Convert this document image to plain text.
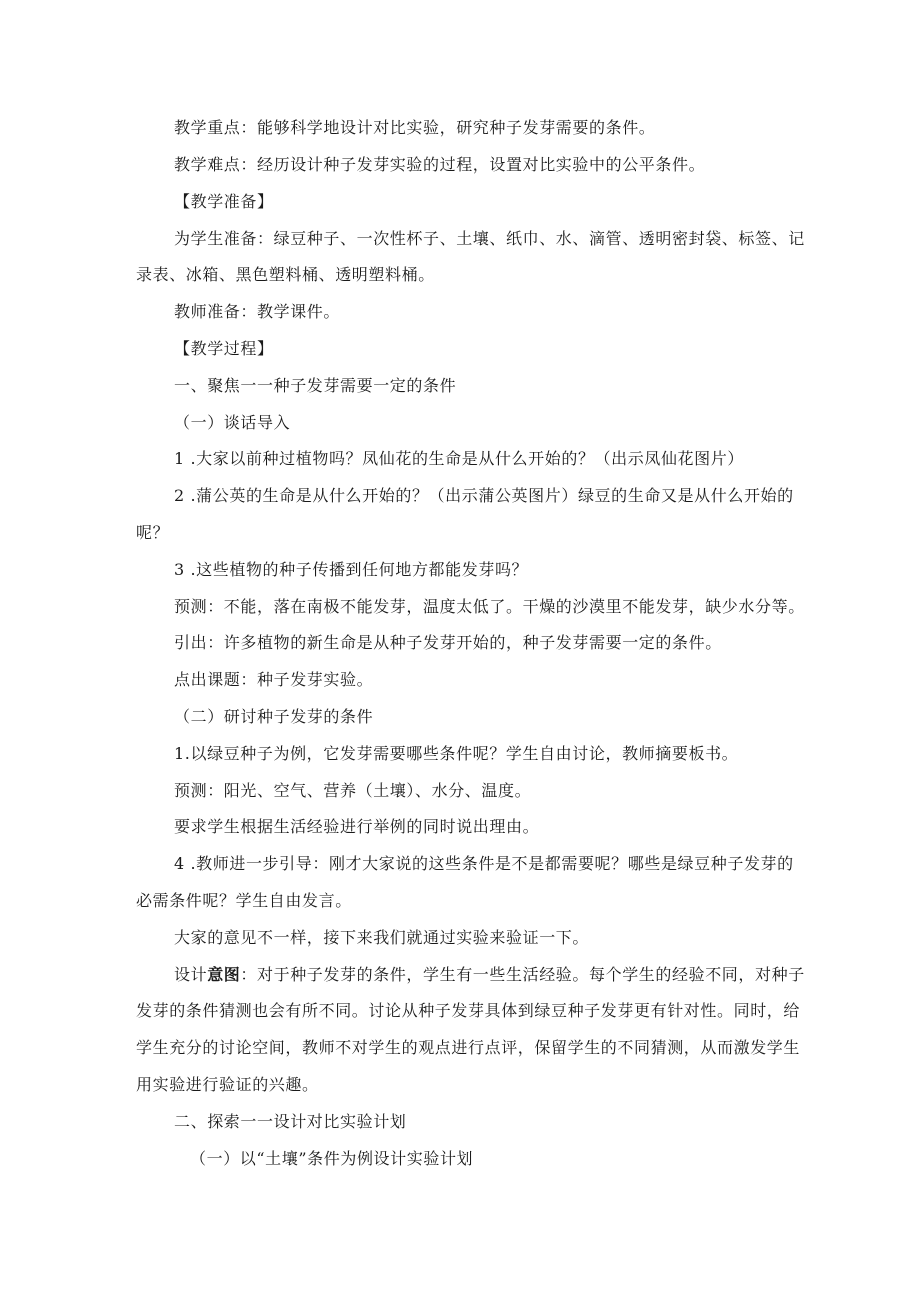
教学重点：能够科学地设计对比实验，研究种子发芽需要的条件。
教学难点：经历设计种子发芽实验的过程，设置对比实验中的公平条件。
【教学准备】
为学生准备：绿豆种子、一次性杯子、土壤、纸巾、水、滴管、透明密封袋、标签、记
录表、冰箱、黑色塑料桶、透明塑料桶。
教师准备：教学课件。
【教学过程】
一、聚焦一一种子发芽需要一定的条件
（一）谈话导入
1 .大家以前种过植物吗？凤仙花的生命是从什么开始的？（出示凤仙花图片）
2 .蒲公英的生命是从什么开始的？（出示蒲公英图片）绿豆的生命又是从什么开始的
呢？
3 .这些植物的种子传播到任何地方都能发芽吗？
预测：不能，落在南极不能发芽，温度太低了。干燥的沙漠里不能发芽，缺少水分等。
引出：许多植物的新生命是从种子发芽开始的，种子发芽需要一定的条件。
点出课题：种子发芽实验。
（二）研讨种子发芽的条件
1.以绿豆种子为例，它发芽需要哪些条件呢？学生自由讨论，教师摘要板书。
预测：阳光、空气、营养（土壤）、水分、温度。
要求学生根据生活经验进行举例的同时说出理由。
4 .教师进一步引导：刚才大家说的这些条件是不是都需要呢？哪些是绿豆种子发芽的
必需条件呢？学生自由发言。
大家的意见不一样，接下来我们就通过实验来验证一下。
设计意图：对于种子发芽的条件，学生有一些生活经验。每个学生的经验不同，对种子
发芽的条件猜测也会有所不同。讨论从种子发芽具体到绿豆种子发芽更有针对性。同时，给
学生充分的讨论空间，教师不对学生的观点进行点评，保留学生的不同猜测，从而激发学生
用实验进行验证的兴趣。
二、探索一一设计对比实验计划
（一）以“土壤”条件为例设计实验计划
